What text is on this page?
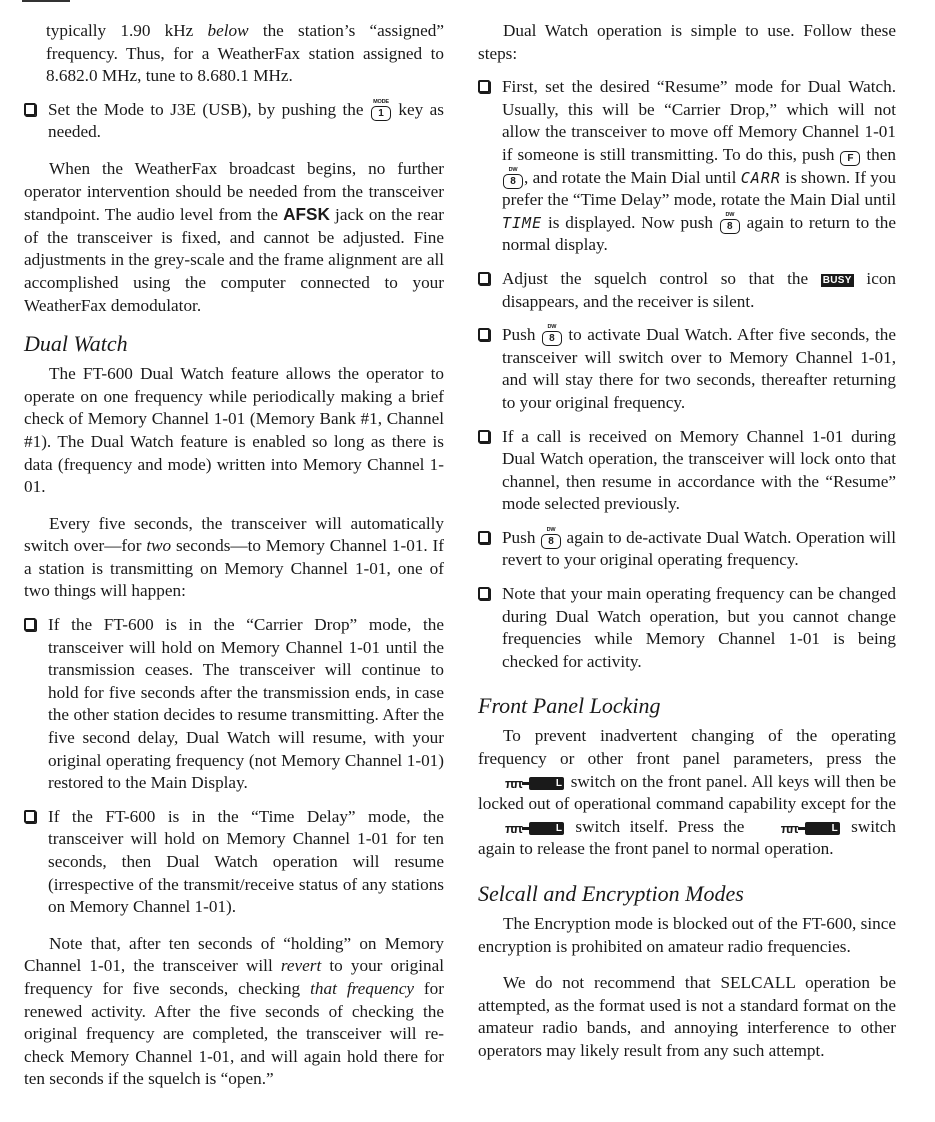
typically 1.90 kHz below the station’s “assigned” frequency. Thus, for a WeatherFax station assigned to 8.682.0 MHz, tune to 8.680.1 MHz.

Set the Mode to J3E (USB), by pushing the MODE
1 key as needed.

When the WeatherFax broadcast begins, no further operator intervention should be needed from the transceiver standpoint. The audio level from the AFSK jack on the rear of the transceiver is fixed, and cannot be adjusted. Fine adjustments in the grey-scale and the frame alignment are all accomplished using the computer connected to your WeatherFax demodulator.

Dual Watch

The FT-600 Dual Watch feature allows the operator to operate on one frequency while periodically making a brief check of Memory Channel 1-01 (Memory Bank #1, Channel #1). The Dual Watch feature is enabled so long as there is data (frequency and mode) written into Memory Channel 1-01.

Every five seconds, the transceiver will automatically switch over—for two seconds—to Memory Channel 1-01. If a station is transmitting on Memory Channel 1-01, one of two things will happen:

If the FT-600 is in the “Carrier Drop” mode, the transceiver will hold on Memory Channel 1-01 until the transmission ceases. The transceiver will continue to hold for five seconds after the transmission ends, in case the other station decides to resume transmitting. After the five second delay, Dual Watch will resume, with your original operating frequency (not Memory Channel 1-01) restored to the Main Display.
If the FT-600 is in the “Time Delay” mode, the transceiver will hold on Memory Channel 1-01 for ten seconds, then Dual Watch operation will resume (irrespective of the transmit/receive status of any stations on Memory Channel 1-01).

Note that, after ten seconds of “holding” on Memory Channel 1-01, the transceiver will revert to your original frequency for five seconds, checking that frequency for renewed activity. After the five seconds of checking the original frequency are completed, the transceiver will re-check Memory Channel 1-01, and will again hold there for ten seconds if the squelch is “open.”

Dual Watch operation is simple to use. Follow these steps:

First, set the desired “Resume” mode for Dual Watch. Usually, this will be “Carrier Drop,” which will not allow the transceiver to move off Memory Channel 1-01 if someone is still transmitting. To do this, push F then
DW
8 , and rotate the Main Dial until CARR is shown. If you prefer the “Time Delay” mode, rotate the Main Dial until TIME is displayed. Now push	DW
8 again to return to the normal display.
Adjust the squelch control so that the BUSY icon disappears, and the receiver is silent.
Push	DW
8 to activate Dual Watch. After five seconds, the transceiver will switch over to Memory Channel 1-01, and will stay there for two seconds, thereafter returning to your original frequency.
If a call is received on Memory Channel 1-01 during Dual Watch operation, the transceiver will lock onto that channel, then resume in accordance with the “Resume” mode selected previously.
Push	DW
8 again to de-activate Dual Watch. Operation will revert to your original operating frequency.
Note that your main operating frequency can be changed during Dual Watch operation, but you cannot change frequencies while Memory Channel 1-01 is being checked for activity.
Front Panel Locking

To prevent inadvertent changing of the operating frequency or other front panel parameters, press the
ππ	L switch on the front panel. All keys will then be locked out of operational command capability except for the
ππ	L switch itself. Press the	ππ	L switch again to release the front panel to normal operation.

Selcall and Encryption Modes

The Encryption mode is blocked out of the FT-600, since encryption is prohibited on amateur radio frequencies.

We do not recommend that SELCALL operation be attempted, as the format used is not a standard format on the amateur radio bands, and annoying interference to other operators may likely result from any such attempt.
